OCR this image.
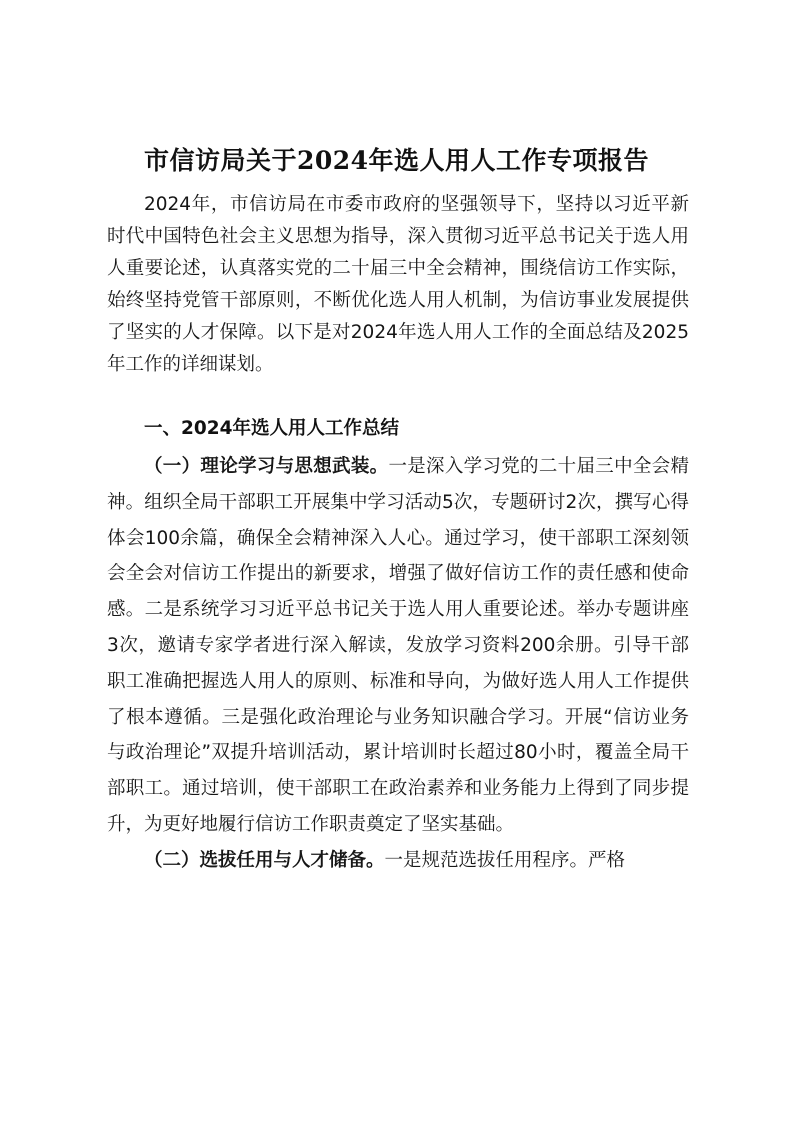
市信访局关于2024年选人用人工作专项报告

2024年，市信访局在市委市政府的坚强领导下，坚持以习近平新时代中国特色社会主义思想为指导，深入贯彻习近平总书记关于选人用人重要论述，认真落实党的二十届三中全会精神，围绕信访工作实际，始终坚持党管干部原则，不断优化选人用人机制，为信访事业发展提供了坚实的人才保障。以下是对2024年选人用人工作的全面总结及2025年工作的详细谋划。

一、2024年选人用人工作总结

（一）理论学习与思想武装。一是深入学习党的二十届三中全会精神。组织全局干部职工开展集中学习活动5次，专题研讨2次，撰写心得体会100余篇，确保全会精神深入人心。通过学习，使干部职工深刻领会全会对信访工作提出的新要求，增强了做好信访工作的责任感和使命感。二是系统学习习近平总书记关于选人用人重要论述。举办专题讲座3次，邀请专家学者进行深入解读，发放学习资料200余册。引导干部职工准确把握选人用人的原则、标准和导向，为做好选人用人工作提供了根本遵循。三是强化政治理论与业务知识融合学习。开展“信访业务与政治理论”双提升培训活动，累计培训时长超过80小时，覆盖全局干部职工。通过培训，使干部职工在政治素养和业务能力上得到了同步提升，为更好地履行信访工作职责奠定了坚实基础。

（二）选拔任用与人才储备。一是规范选拔任用程序。严格
